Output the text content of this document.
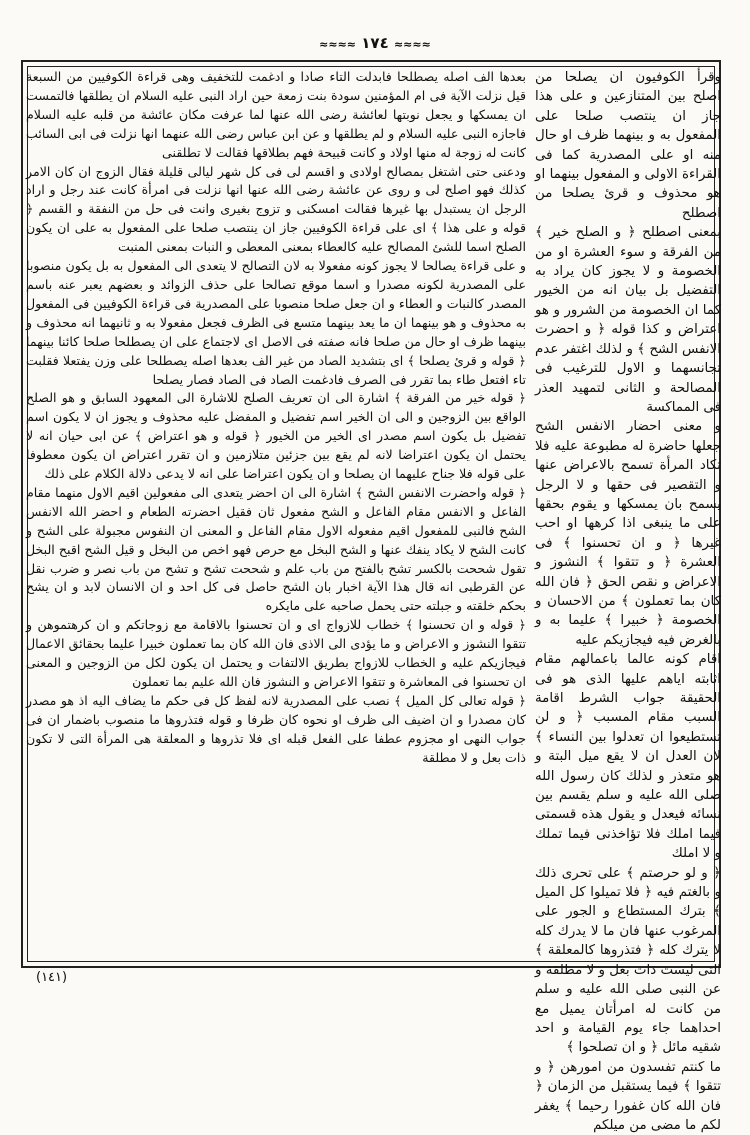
≈≈≈≈ ١٧٤ ≈≈≈≈

بعدها الف اصله يصطلحا فابدلت التاء صادا و ادغمت للتخفيف وهى قراءة الكوفيين من السبعة قيل نزلت الآية فى ام المؤمنين سودة بنت زمعة حين اراد النبى عليه السلام ان يطلقها فالتمست ان يمسكها و يجعل نوبتها لعائشة رضى الله عنها لما عرفت مكان عائشة من قلبه عليه السلام فاجازه النبى عليه السلام و لم يطلقها و عن ابن عباس رضى الله عنهما انها نزلت فى ابى السائب كانت له زوجة له منها اولاد و كانت قبيحة فهم بطلاقها فقالت لا تطلقنى

ودعنى حتى اشتغل بمصالح اولادى و اقسم لى فى كل شهر ليالى قليلة فقال الزوج ان كان الامر كذلك فهو اصلح لى و روى عن عائشة رضى الله عنها انها نزلت فى امرأة كانت عند رجل و اراد الرجل ان يستبدل بها غيرها فقالت امسكنى و تزوج بغيرى وانت فى حل من النفقة و القسم ﴿ قوله و على هذا ﴾ اى على قراءة الكوفيين جاز ان ينتصب صلحا على المفعول به على ان يكون الصلح اسما للشئ المصالح عليه كالعطاء بمعنى المعطى و النبات بمعنى المنبت

و على قراءة يصالحا لا يجوز كونه مفعولا به لان التصالح لا يتعدى الى المفعول به بل يكون منصوبا على المصدرية لكونه مصدرا و اسما موقع تصالحا على حذف الزوائد و بعضهم يعبر عنه باسم المصدر كالنبات و العطاء و ان جعل صلحا منصوبا على المصدرية فى قراءة الكوفيين فى المفعول به محذوف و هو بينهما ان ما يعد بينهما متسع فى الظرف فجعل مفعولا به و ثانيهما انه محذوف و بينهما ظرف او حال من صلحا فانه صفته فى الاصل اى لاجتماع على ان يصطلحا صلحا كائنا بينهما ﴿ قوله و قرئ يصلحا ﴾ اى بتشديد الصاد من غير الف بعدها اصله يصطلحا على وزن يفتعلا فقلبت تاء افتعل طاء بما تقرر فى الصرف فادغمت الصاد فى الصاد فصار يصلحا

﴿ قوله خير من الفرقة ﴾ اشارة الى ان تعريف الصلح للاشارة الى المعهود السابق و هو الصلح الواقع بين الزوجين و الى ان الخير اسم تفضيل و المفضل عليه محذوف و يجوز ان لا يكون اسم تفضيل بل يكون اسم مصدر اى الخير من الخيور ﴿ قوله و هو اعتراض ﴾ عن ابى حيان انه لا يحتمل ان يكون اعتراضا لانه لم يقع بين جزئين متلازمين و ان تقرر اعتراض ان يكون معطوفا على قوله فلا جناح عليهما ان يصلحا و ان يكون اعتراضا على انه لا يدعى دلالة الكلام على ذلك

﴿ قوله واحضرت الانفس الشح ﴾ اشارة الى ان احضر يتعدى الى مفعولين اقيم الاول منهما مقام الفاعل و الانفس مقام الفاعل و الشح مفعول ثان فقيل احضرته الطعام و احضر الله الانفس الشح فالنبى للمفعول اقيم مفعوله الاول مقام الفاعل و المعنى ان النفوس مجبولة على الشح و كانت الشح لا يكاد ينفك عنها و الشح البخل مع حرص فهو اخص من البخل و قيل الشح اقبح البخل تقول شححت بالكسر تشح بالفتح من باب علم و شححت تشح و تشح من باب نصر و ضرب نقل عن القرطبى انه قال هذا الآية اخبار بان الشح حاصل فى كل احد و ان الانسان لابد و ان يشح بحكم خلقته و جبلته حتى يحمل صاحبه على مايكره

﴿ قوله و ان تحسنوا ﴾ خطاب للازواج اى و ان تحسنوا بالاقامة مع زوجاتكم و ان كرهتموهن و تتقوا النشوز و الاعراض و ما يؤدى الى الاذى فان الله كان بما تعملون خبيرا عليما بحقائق الاعمال فيجازيكم عليه و الخطاب للازواج بطريق الالتفات و يحتمل ان يكون لكل من الزوجين و المعنى ان تحسنوا فى المعاشرة و تتقوا الاعراض و النشوز فان الله عليم بما تعملون

﴿ قوله تعالى كل الميل ﴾ نصب على المصدرية لانه لفظ كل فى حكم ما يضاف اليه اذ هو مصدر كان مصدرا و ان اضيف الى ظرف او نحوه كان ظرفا و قوله فتذروها ما منصوب باضمار ان فى جواب النهى او مجزوم عطفا على الفعل قبله اى فلا تذروها و المعلقة هى المرأة التى لا تكون ذات بعل و لا مطلقة

وقرأ الكوفيون ان يصلحا من اصلح بين المتنازعين و على هذا جاز ان ينتصب صلحا على المفعول به و بينهما ظرف او حال منه او على المصدرية كما فى القراءة الاولى و المفعول بينهما او هو محذوف و قرئ يصلحا من اصطلح

بمعنى اصطلح ﴿ و الصلح خير ﴾ من الفرقة و سوء العشرة او من الخصومة و لا يجوز كان يراد به التفضيل بل بيان انه من الخيور كما ان الخصومة من الشرور و هو اعتراض و كذا قوله ﴿ و احضرت الانفس الشح ﴾ و لذلك اغتفر عدم تجانسهما و الاول للترغيب فى المصالحة و الثانى لتمهيد العذر فى المماكسة

و معنى احضار الانفس الشح جعلها حاضرة له مطبوعة عليه فلا تكاد المرأة تسمح بالاعراض عنها و التقصير فى حقها و لا الرجل يسمح بان يمسكها و يقوم بحقها على ما ينبغى اذا كرهها او احب غيرها ﴿ و ان تحسنوا ﴾ فى العشرة ﴿ و تتقوا ﴾ النشوز و الاعراض و نقص الحق ﴿ فان الله كان بما تعملون ﴾ من الاحسان و الخصومة ﴿ خبيرا ﴾ عليما به و بالغرض فيه فيجازيكم عليه

اقام كونه عالما باعمالهم مقام اثابته اياهم عليها الذى هو فى الحقيقة جواب الشرط اقامة السبب مقام المسبب ﴿ و لن تستطيعوا ان تعدلوا بين النساء ﴾ لان العدل ان لا يقع ميل البتة و هو متعذر و لذلك كان رسول الله صلى الله عليه و سلم يقسم بين نسائه فيعدل و يقول هذه قسمتى فيما املك فلا تؤاخذنى فيما تملك و لا املك

﴿ و لو حرصتم ﴾ على تحرى ذلك و بالغتم فيه ﴿ فلا تميلوا كل الميل ﴾ بترك المستطاع و الجور على المرغوب عنها فان ما لا يدرك كله لا يترك كله ﴿ فتذروها كالمعلقة ﴾ التى ليست ذات بعل و لا مطلقة و عن النبى صلى الله عليه و سلم من كانت له امرأتان يميل مع احداهما جاء يوم القيامة و احد شقيه مائل ﴿ و ان تصلحوا ﴾

ما كنتم تفسدون من امورهن ﴿ و تتقوا ﴾ فيما يستقبل من الزمان ﴿ فان الله كان غفورا رحيما ﴾ يغفر لكم ما مضى من ميلكم

(١٤١)
